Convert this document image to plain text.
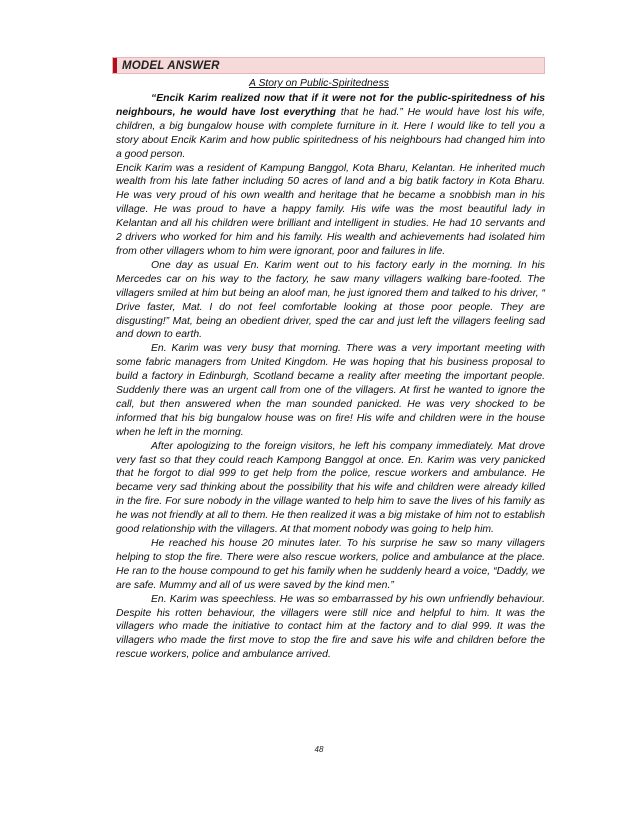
MODEL ANSWER
A Story on Public-Spiritedness

“Encik Karim realized now that if it were not for the public-spiritedness of his neighbours, he would have lost everything that he had.” He would have lost his wife, children, a big bungalow house with complete furniture in it. Here I would like to tell you a story about Encik Karim and how public spiritedness of his neighbours had changed him into a good person.

Encik Karim was a resident of Kampung Banggol, Kota Bharu, Kelantan. He inherited much wealth from his late father including 50 acres of land and a big batik factory in Kota Bharu. He was very proud of his own wealth and heritage that he became a snobbish man in his village. He was proud to have a happy family. His wife was the most beautiful lady in Kelantan and all his children were brilliant and intelligent in studies. He had 10 servants and 2 drivers who worked for him and his family. His wealth and achievements had isolated him from other villagers whom to him were ignorant, poor and failures in life.

One day as usual En. Karim went out to his factory early in the morning. In his Mercedes car on his way to the factory, he saw many villagers walking bare-footed. The villagers smiled at him but being an aloof man, he just ignored them and talked to his driver, “ Drive faster, Mat. I do not feel comfortable looking at those poor people. They are disgusting!” Mat, being an obedient driver, sped the car and just left the villagers feeling sad and down to earth.

En. Karim was very busy that morning. There was a very important meeting with some fabric managers from United Kingdom. He was hoping that his business proposal to build a factory in Edinburgh, Scotland became a reality after meeting the important people. Suddenly there was an urgent call from one of the villagers. At first he wanted to ignore the call, but then answered when the man sounded panicked. He was very shocked to be informed that his big bungalow house was on fire! His wife and children were in the house when he left in the morning.

After apologizing to the foreign visitors, he left his company immediately. Mat drove very fast so that they could reach Kampong Banggol at once. En. Karim was very panicked that he forgot to dial 999 to get help from the police, rescue workers and ambulance. He became very sad thinking about the possibility that his wife and children were already killed in the fire. For sure nobody in the village wanted to help him to save the lives of his family as he was not friendly at all to them. He then realized it was a big mistake of him not to establish good relationship with the villagers. At that moment nobody was going to help him.

He reached his house 20 minutes later. To his surprise he saw so many villagers helping to stop the fire. There were also rescue workers, police and ambulance at the place. He ran to the house compound to get his family when he suddenly heard a voice, “Daddy, we are safe. Mummy and all of us were saved by the kind men.”

En. Karim was speechless. He was so embarrassed by his own unfriendly behaviour. Despite his rotten behaviour, the villagers were still nice and helpful to him. It was the villagers who made the initiative to contact him at the factory and to dial 999. It was the villagers who made the first move to stop the fire and save his wife and children before the rescue workers, police and ambulance arrived.

48
